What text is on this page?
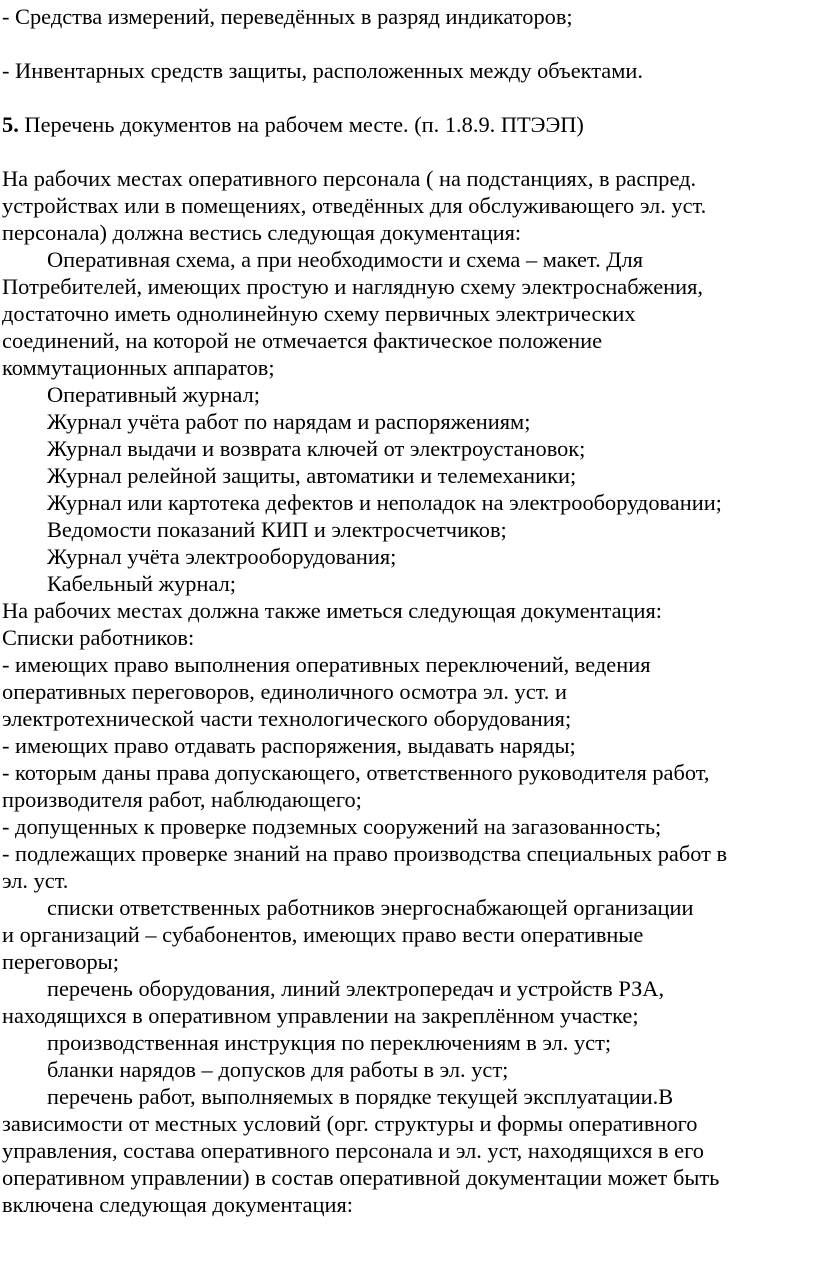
- Средства измерений, переведённых в разряд индикаторов;
- Инвентарных средств защиты, расположенных между объектами.
5. Перечень документов на рабочем месте. (п. 1.8.9. ПТЭЭП)
На рабочих местах оперативного персонала ( на подстанциях, в распред.
устройствах или в помещениях, отведённых для обслуживающего эл. уст.
персонала) должна вестись следующая документация:
Оперативная схема, а при необходимости и схема – макет. Для
Потребителей, имеющих простую и наглядную схему электроснабжения,
достаточно иметь однолинейную схему первичных электрических
соединений, на которой не отмечается фактическое положение
коммутационных аппаратов;
Оперативный журнал;
Журнал учёта работ по нарядам и распоряжениям;
Журнал выдачи и возврата ключей от электроустановок;
Журнал релейной защиты, автоматики и телемеханики;
Журнал или картотека дефектов и неполадок на электрооборудовании;
Ведомости показаний КИП и электросчетчиков;
Журнал учёта электрооборудования;
Кабельный журнал;
На рабочих местах должна также иметься следующая документация:
Списки работников:
- имеющих право выполнения оперативных переключений, ведения
оперативных переговоров, единоличного осмотра эл. уст. и
электротехнической части технологического оборудования;
- имеющих право отдавать распоряжения, выдавать наряды;
- которым даны права допускающего, ответственного руководителя работ,
производителя работ, наблюдающего;
- допущенных к проверке подземных сооружений на загазованность;
- подлежащих проверке знаний на право производства специальных работ в
эл. уст.
списки ответственных работников энергоснабжающей организации
и организаций – субабонентов, имеющих право вести оперативные
переговоры;
перечень оборудования, линий электропередач и устройств РЗА,
находящихся в оперативном управлении на закреплённом участке;
производственная инструкция по переключениям в эл. уст;
бланки нарядов – допусков для работы в эл. уст;
перечень работ, выполняемых в порядке текущей эксплуатации.В
зависимости от местных условий (орг. структуры и формы оперативного
управления, состава оперативного персонала и эл. уст, находящихся в его
оперативном управлении) в состав оперативной документации может быть
включена следующая документация:
